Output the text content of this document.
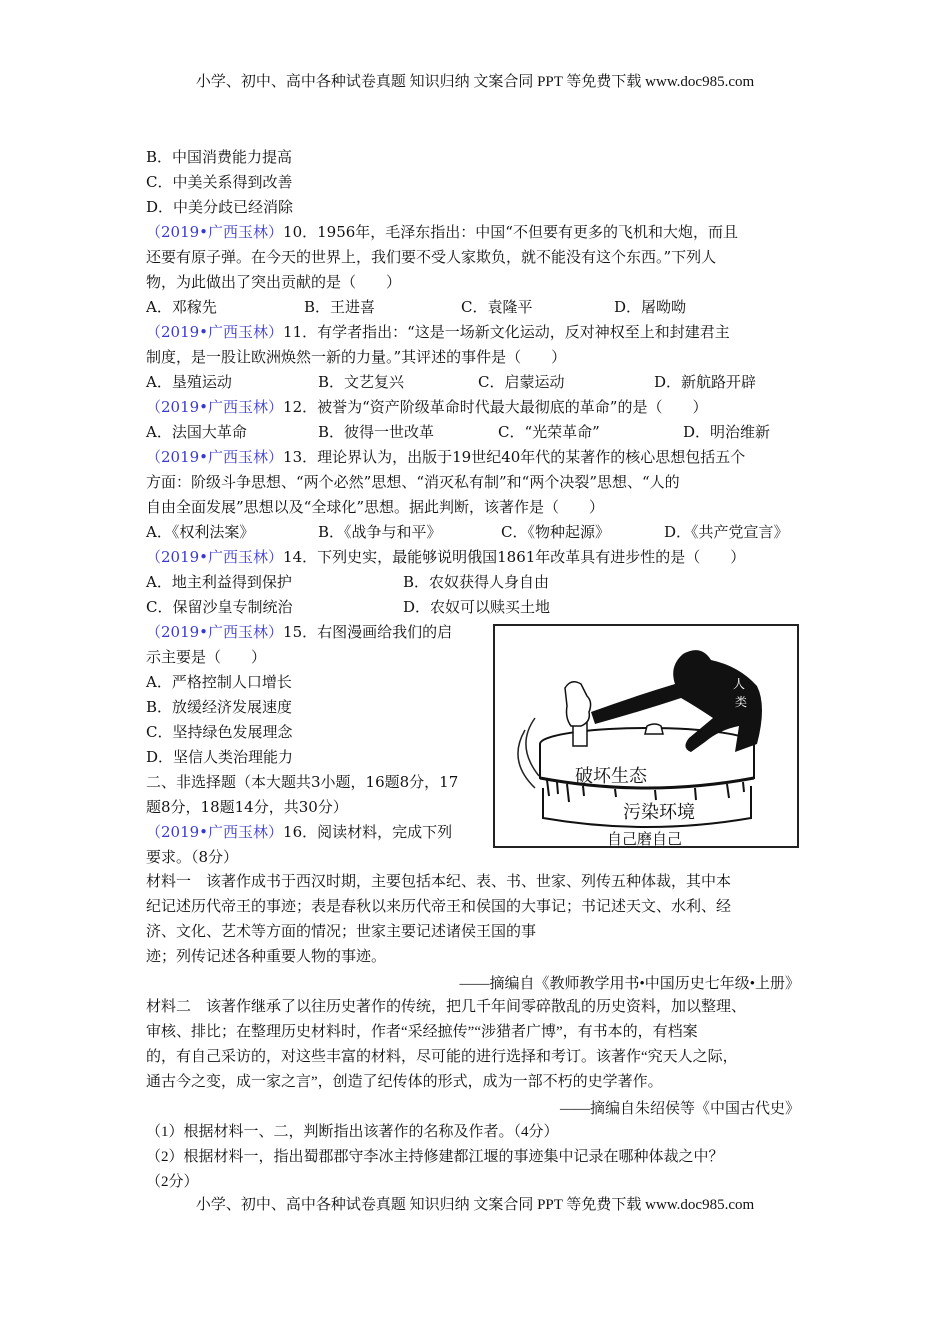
小学、初中、高中各种试卷真题 知识归纳 文案合同 PPT 等免费下载 www.doc985.com
B．中国消费能力提高
C．中美关系得到改善
D．中美分歧已经消除
（2019•广西玉林）10．1956年，毛泽东指出：中国“不但要有更多的飞机和大炮，而且
还要有原子弹。在今天的世界上，我们要不受人家欺负，就不能没有这个东西。”下列人
物，为此做出了突出贡献的是（　　）
A．邓稼先	B．王进喜	C．袁隆平	D．屠呦呦
（2019•广西玉林）11．有学者指出：“这是一场新文化运动，反对神权至上和封建君主
制度，是一股让欧洲焕然一新的力量。”其评述的事件是（　　）
A．垦殖运动	B．文艺复兴	C．启蒙运动	D．新航路开辟
（2019•广西玉林）12．被誉为“资产阶级革命时代最大最彻底的革命”的是（　　）
A．法国大革命	B．彼得一世改革	C．“光荣革命”	D．明治维新
（2019•广西玉林）13．理论界认为，出版于19世纪40年代的某著作的核心思想包括五个
方面：阶级斗争思想、“两个必然”思想、“消灭私有制”和“两个决裂”思想、“人的
自由全面发展”思想以及“全球化”思想。据此判断，该著作是（　　）
A．《权利法案》	B．《战争与和平》	C．《物种起源》	D．《共产党宣言》
（2019•广西玉林）14．下列史实，最能够说明俄国1861年改革具有进步性的是（　　）
A．地主利益得到保护	B．农奴获得人身自由
C．保留沙皇专制统治	D．农奴可以赎买土地
（2019•广西玉林）15．右图漫画给我们的启
示主要是（　　）
A．严格控制人口增长
B．放缓经济发展速度
C．坚持绿色发展理念
D．坚信人类治理能力
二、非选择题（本大题共3小题，16题8分，17
题8分，18题14分，共30分）
（2019•广西玉林）16．阅读材料，完成下列
要求。（8分）
人
类
破坏生态
污染环境
自己磨自己
材料一　该著作成书于西汉时期，主要包括本纪、表、书、世家、列传五种体裁，其中本
纪记述历代帝王的事迹；表是春秋以来历代帝王和侯国的大事记；书记述天文、水利、经
济、文化、艺术等方面的情况；世家主要记述诸侯王国的事
迹；列传记述各种重要人物的事迹。
——摘编自《教师教学用书•中国历史七年级•上册》
材料二　该著作继承了以往历史著作的传统，把几千年间零碎散乱的历史资料，加以整理、
审核、排比；在整理历史材料时，作者“采经摭传”“涉猎者广博”，有书本的，有档案
的，有自己采访的，对这些丰富的材料，尽可能的进行选择和考订。该著作“究天人之际，
通古今之变，成一家之言”，创造了纪传体的形式，成为一部不朽的史学著作。
——摘编自朱绍侯等《中国古代史》
（1）根据材料一、二，判断指出该著作的名称及作者。（4分）
（2）根据材料一，指出蜀郡郡守李冰主持修建都江堰的事迹集中记录在哪种体裁之中？
（2分）
小学、初中、高中各种试卷真题 知识归纳 文案合同 PPT 等免费下载 www.doc985.com
